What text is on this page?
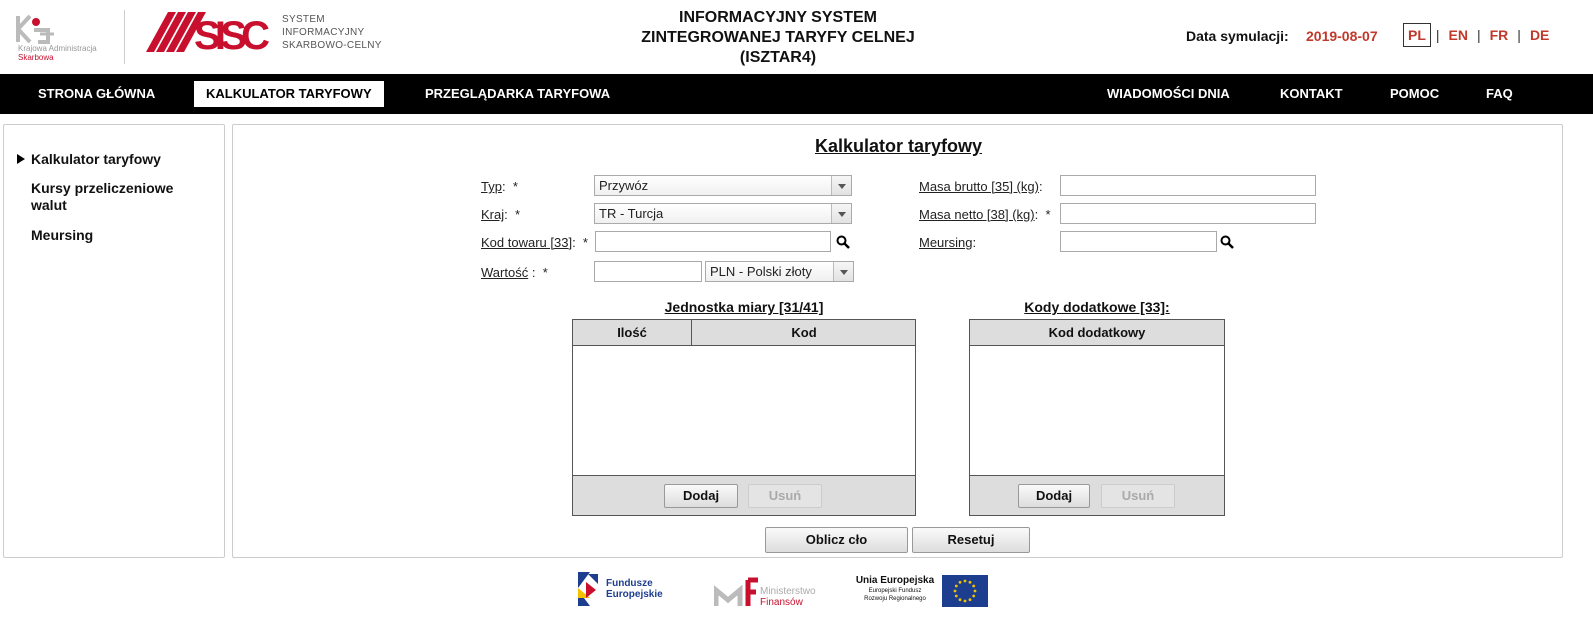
Krajowa Administracja
Skarbowa	SISC SYSTEM
INFORMACYJNY
SKARBOWO-CELNY
INFORMACYJNY SYSTEM
ZINTEGROWANEJ TARYFY CELNEJ
(ISZTAR4)
Data symulacji: 2019-08-07	PL | EN | FR | DE
STRONA GŁÓWNA	KALKULATOR TARYFOWY	PRZEGLĄDARKA TARYFOWA	WIADOMOŚCI DNIA	KONTAKT	POMOC	FAQ
Kalkulator taryfowy
Kursy przeliczeniowe walut
Meursing
Kalkulator taryfowy
Typ: *	Przywóz
Kraj: *	TR - Turcja
Kod towaru [33]: *
Wartość : *	PLN - Polski złoty
Masa brutto [35] (kg):
Masa netto [38] (kg): *
Meursing:
Jednostka miary [31/41]
Ilość	Kod
Dodaj	Usuń
Kody dodatkowe [33]:
Kod dodatkowy
Dodaj	Usuń
Oblicz cło	Resetuj
Fundusze
Europejskie	Ministerstwo
Finansów
Unia Europejska
Europejski Fundusz
Rozwoju Regionalnego
